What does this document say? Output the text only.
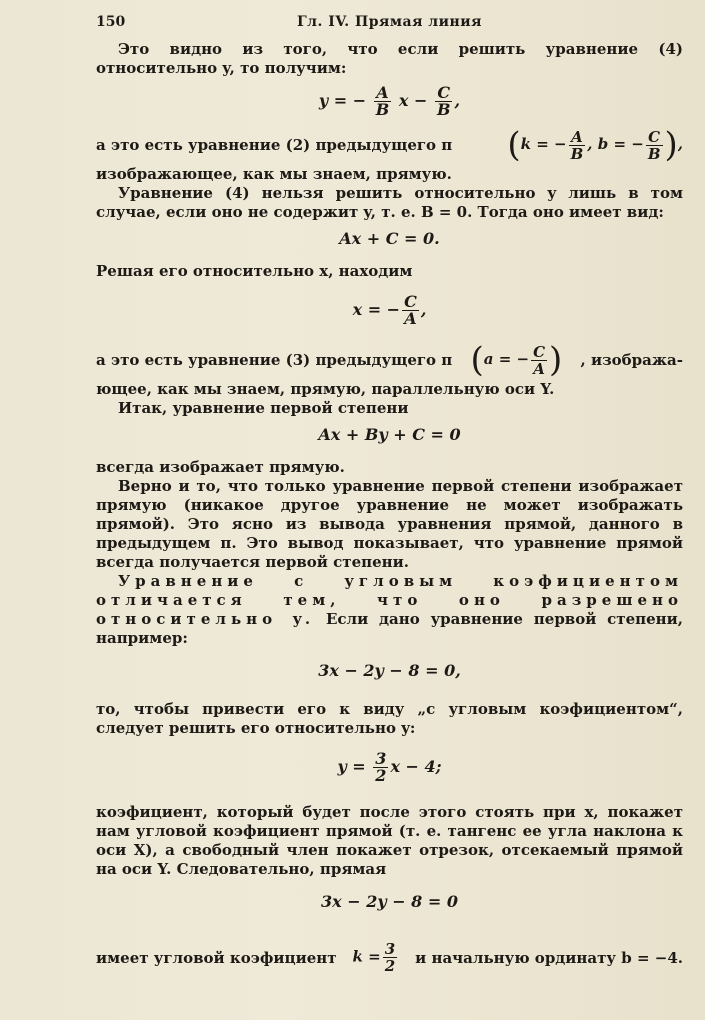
150	Гл. IV. Прямая линия

Это видно из того, что если решить уравнение (4) относительно y, то получим:

y = − $\frac{A}{B}$ $x - \frac{C}{B}$ ,
а это есть уравнение (2) предыдущего п (k = − $\frac{A}{B}$ , b = − $\frac{C}{B}$ ),

изображающее, как мы знаем, прямую.

Уравнение (4) нельзя решить относительно y лишь в том случае, если оно не содержит y, т. е. B = 0. Тогда оно имеет вид:

Ax + C = 0.

Решая его относительно x, находим

x = − $\frac{C}{A}$ ,
а это есть уравнение (3) предыдущего п (a = − $\frac{C}{A}$ ) , изобража-

ющее, как мы знаем, прямую, параллельную оси Y.

Итак, уравнение первой степени

Ax + By + C = 0

всегда изображает прямую.

Верно и то, что только уравнение первой степени изображает прямую (никакое другое уравнение не может изображать прямой). Это ясно из вывода уравнения прямой, данного в предыдущем п. Это вывод показывает, что уравнение прямой всегда получается первой степени.

Уравнение с угловым коэфициентом отличается тем, что оно разрешено относительно y. Если дано уравнение первой степени, например:

3x − 2y − 8 = 0,

то, чтобы привести его к виду „с угловым коэфициентом“, следует решить его относительно y:

$y = \frac{3}{2}$ x − 4;

коэфициент, который будет после этого стоять при x, покажет нам угловой коэфициент прямой (т. е. тангенс ее угла наклона к оси X), а свободный член покажет отрезок, отсекаемый прямой на оси Y. Следовательно, прямая

3x − 2y − 8 = 0
имеет угловой коэфициент $k = \frac{3}{2}$ и начальную ординату b = −4.
